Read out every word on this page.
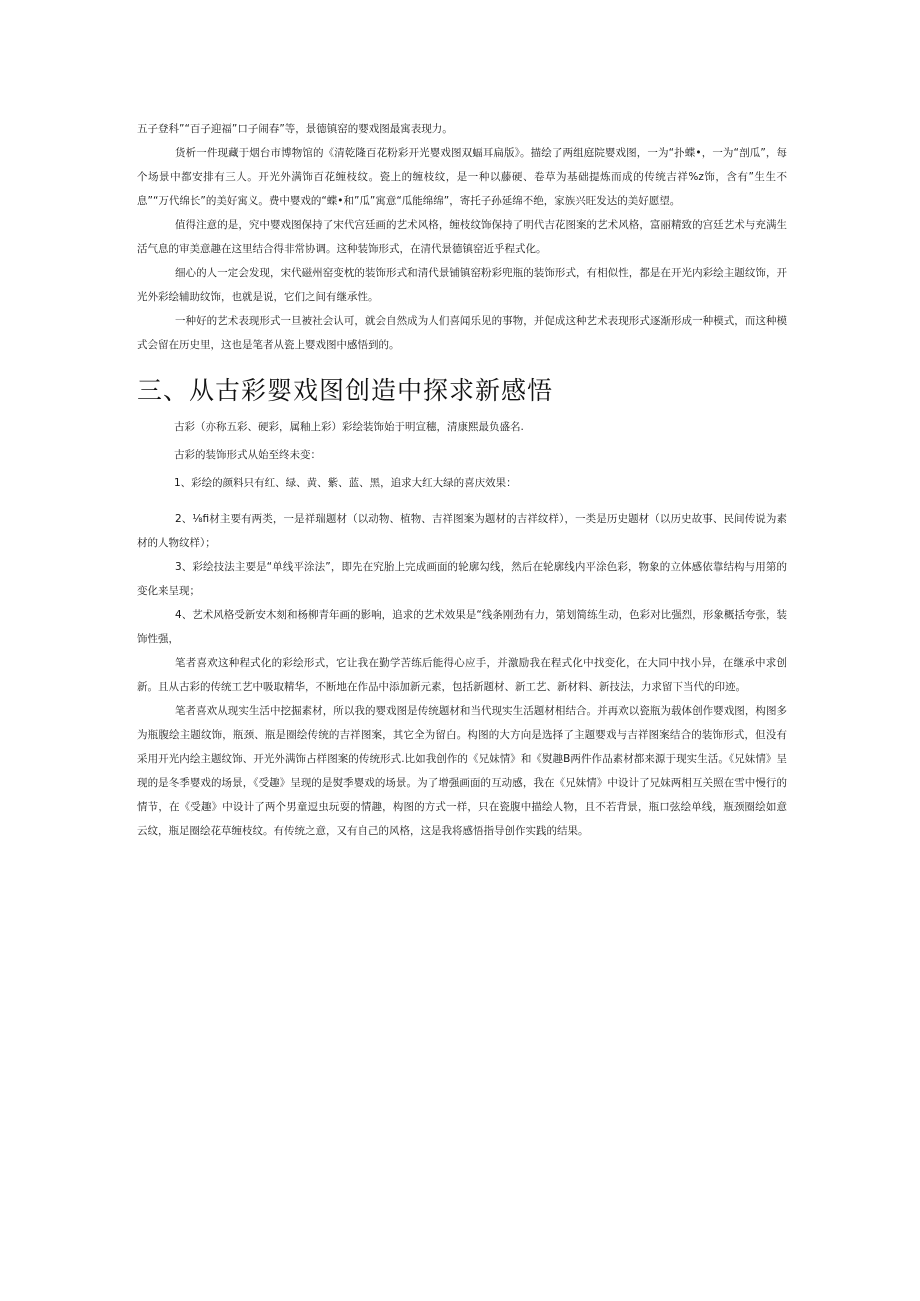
五子登科”“百子迎福”口子闹春”等，景德镇窑的婴戏图最寓表现力。

货析一件现藏于烟台市博物馆的《清乾隆百花粉彩开光婴戏图双蝠耳扁版》。描绘了两组庭院婴戏图，一为“扑蝶•，一为“剖瓜”，每个场景中都安排有三人。开光外满饰百花缠枝纹。瓷上的缠枝纹，是一种以藤硬、卷草为基础提炼而成的传统吉祥%z饰，含有”生生不息”“万代绵长”的美好寓义。费中婴戏的“蝶•和”瓜”寓意“瓜能绵绵”，寄托子孙延绵不绝，家族兴旺发达的美好愿望。

值得注意的是，究中婴戏图保持了宋代宫廷画的艺术风格，缠枝纹饰保持了明代吉花图案的艺术风格，富丽精致的宫廷艺术与充满生活气息的审美意趣在这里结合得非常协调。这种装饰形式，在清代景德镇窑近乎程式化。

细心的人一定会发现，宋代磁州窑变枕的装饰形式和清代景铺镇窑粉彩兜瓶的装饰形式，有相似性，都是在开光内彩绘主题纹饰，开光外彩绘辅助纹饰，也就是说，它们之间有继承性。

一种好的艺术表现形式一旦被社会认可，就会自然成为人们喜闻乐见的事物，并促成这种艺术表现形式逐渐形成一种模式，而这种模式会留在历史里，这也是笔者从瓷上婴戏图中感悟到的。

三、从古彩婴戏图创造中探求新感悟

古彩（亦称五彩、硬彩，属釉上彩）彩绘装饰始于明宣穗，清康熙最负盛名.

古彩的装饰形式从始至终未变：

1、彩绘的颜料只有红、绿、黄、紫、蓝、黑，追求大红大绿的喜庆效果：

2、⅛fi材主要有两类，一是祥瑞题材（以动物、植物、吉祥图案为题材的吉祥纹样），一类是历史题材（以历史故事、民间传说为素材的人物纹样）；

3、彩绘技法主要是“单线平涂法”，即先在究胎上完成画面的轮廓勾线，然后在轮廓线内平涂色彩，物象的立体感依靠结构与用第的变化来呈现；

4、艺术风格受新安木刻和杨柳青年画的影响，追求的艺术效果是“线条刚劲有力，第划简练生动，色彩对比强烈，形象概括夸张，装饰性强，

笔者喜欢这种程式化的彩绘形式，它让我在勤学苦练后能得心应手，并激励我在程式化中找变化，在大同中找小异，在继承中求创新。且从古彩的传统工艺中吸取精华，不断地在作品中添加新元素，包括新题材、新工艺、新材料、新技法，力求留下当代的印迹。

笔者喜欢从现实生活中挖掘素材，所以我的婴戏图是传统题材和当代现实生活题材相结合。并再欢以瓷瓶为载体创作婴戏图，构图多为瓶腹绘主题纹饰，瓶颈、瓶是圈绘传统的吉祥图案，其它全为留白。构图的大方向是选择了主题婴戏与吉祥图案结合的装饰形式，但没有采用开光内绘主题纹饰、开光外满饰占样图案的传统形式.比如我创作的《兄妹情》和《熨趣B两件作品素材都来源于现实生活。《兄妹情》呈现的是冬季婴戏的场景，《受趣》呈现的是熨季婴戏的场景。为了增强画面的互动感，我在《兄妹情》中设计了兄妹两相互关照在雪中慢行的情节，在《受趣》中设计了两个男童逗虫玩耍的情趣，构图的方式一样，只在瓷腹中描绘人物，且不若背景，瓶口弦绘单线，瓶颈圈绘如意云纹，瓶足圈绘花草缠枝纹。有传统之意，又有自己的风格，这是我将感悟指导创作实践的结果。
